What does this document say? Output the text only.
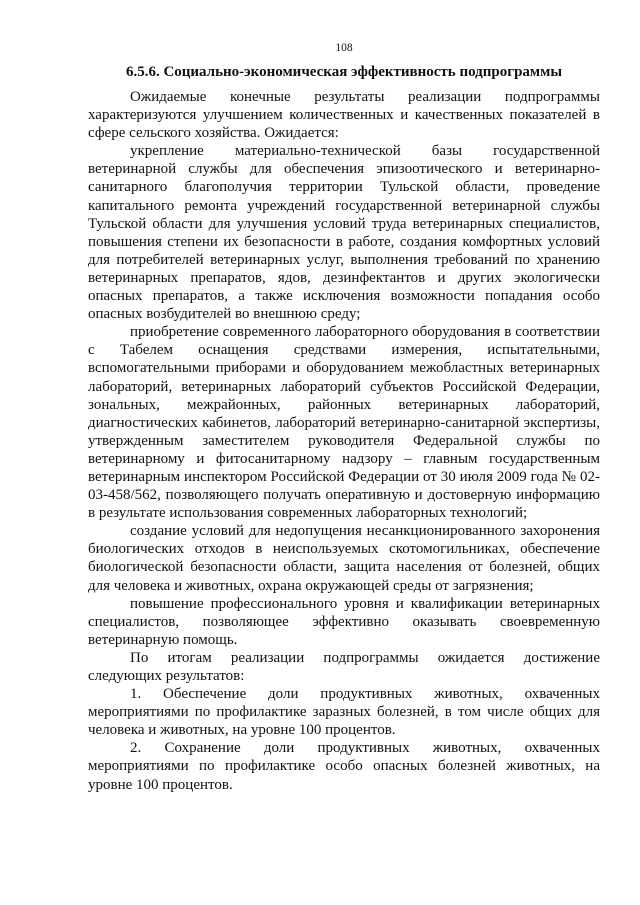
108
6.5.6. Социально-экономическая эффективность подпрограммы

Ожидаемые конечные результаты реализации подпрограммы характеризуются улучшением количественных и качественных показателей в сфере сельского хозяйства. Ожидается:

укрепление материально-технической базы государственной ветеринарной службы для обеспечения эпизоотического и ветеринарно-санитарного благополучия территории Тульской области, проведение капитального ремонта учреждений государственной ветеринарной службы Тульской области для улучшения условий труда ветеринарных специалистов, повышения степени их безопасности в работе, создания комфортных условий для потребителей ветеринарных услуг, выполнения требований по хранению ветеринарных препаратов, ядов, дезинфектантов и других экологически опасных препаратов, а также исключения возможности попадания особо опасных возбудителей во внешнюю среду;

приобретение современного лабораторного оборудования в соответствии с Табелем оснащения средствами измерения, испытательными, вспомогательными приборами и оборудованием межобластных ветеринарных лабораторий, ветеринарных лабораторий субъектов Российской Федерации, зональных, межрайонных, районных ветеринарных лабораторий, диагностических кабинетов, лабораторий ветеринарно-санитарной экспертизы, утвержденным заместителем руководителя Федеральной службы по ветеринарному и фитосанитарному надзору – главным государственным ветеринарным инспектором Российской Федерации от 30 июля 2009 года № 02-03-458/562, позволяющего получать оперативную и достоверную информацию в результате использования современных лабораторных технологий;

создание условий для недопущения несанкционированного захоронения биологических отходов в неиспользуемых скотомогильниках, обеспечение биологической безопасности области, защита населения от болезней, общих для человека и животных, охрана окружающей среды от загрязнения;

повышение профессионального уровня и квалификации ветеринарных специалистов, позволяющее эффективно оказывать своевременную ветеринарную помощь.

По итогам реализации подпрограммы ожидается достижение следующих результатов:

1. Обеспечение доли продуктивных животных, охваченных мероприятиями по профилактике заразных болезней, в том числе общих для человека и животных, на уровне 100 процентов.

2. Сохранение доли продуктивных животных, охваченных мероприятиями по профилактике особо опасных болезней животных, на уровне 100 процентов.
